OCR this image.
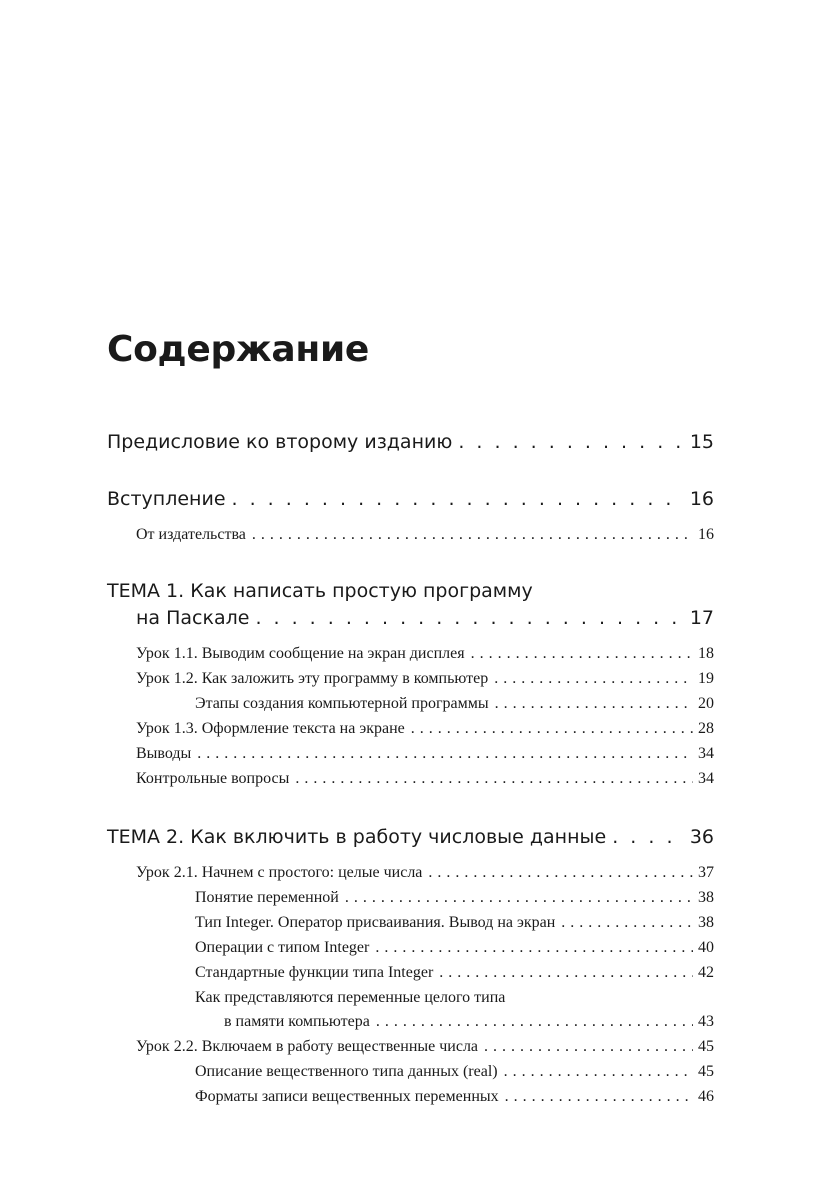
Содержание
Предисловие ко второму изданию . . .	15
Вступление . . .	16
От издательства . . .	16
ТЕМА 1. Как написать простую программу
на Паскале . . .	17
Урок 1.1. Выводим сообщение на экран дисплея . . .	18
Урок 1.2. Как заложить эту программу в компьютер . . .	19
Этапы создания компьютерной программы . . .	20
Урок 1.3. Оформление текста на экране . . .	28
Выводы . . .	34
Контрольные вопросы . . .	34
ТЕМА 2. Как включить в работу числовые данные . . .	36
Урок 2.1. Начнем с простого: целые числа . . .	37
Понятие переменной . . .	38
Тип Integer. Оператор присваивания. Вывод на экран . . .	38
Операции с типом Integer . . .	40
Стандартные функции типа Integer . . .	42
Как представляются переменные целого типа
в памяти компьютера . . .	43
Урок 2.2. Включаем в работу вещественные числа . . .	45
Описание вещественного типа данных (real) . . .	45
Форматы записи вещественных переменных . . .	46
